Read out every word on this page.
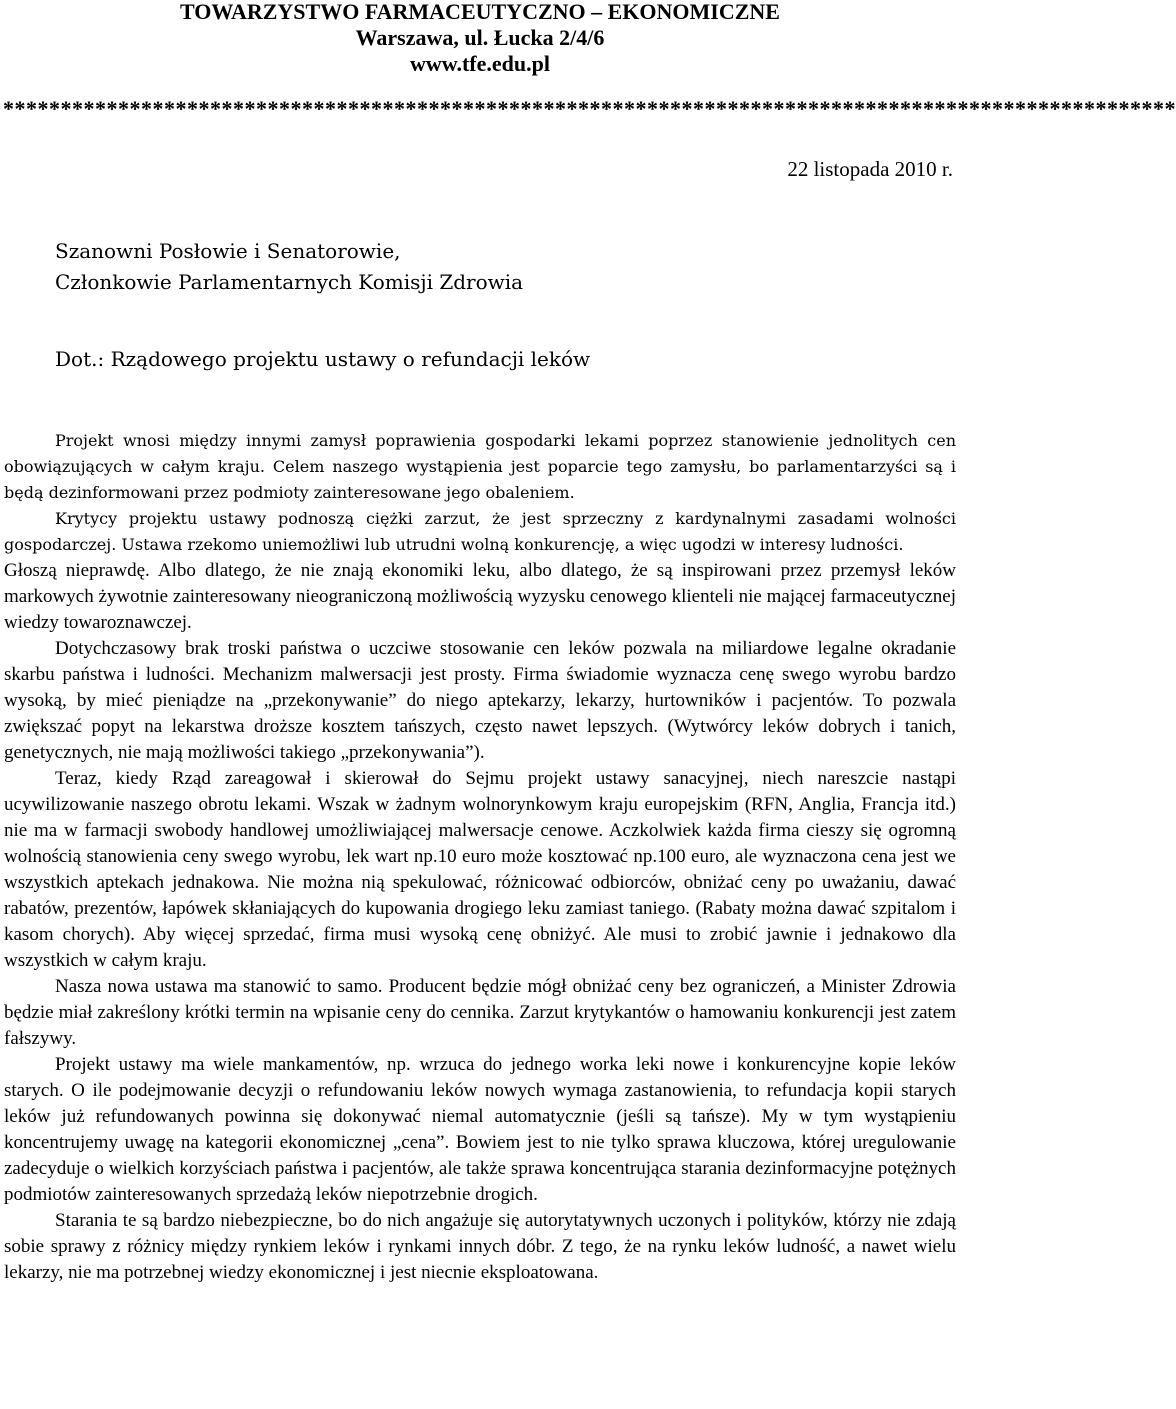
TOWARZYSTWO FARMACEUTYCZNO – EKONOMICZNE
Warszawa, ul. Łucka 2/4/6
www.tfe.edu.pl
******************************************************************************************************
22 listopada 2010 r.
Szanowni Posłowie i Senatorowie,
Członkowie Parlamentarnych Komisji Zdrowia
Dot.: Rządowego projektu ustawy o refundacji leków

Projekt wnosi między innymi zamysł poprawienia gospodarki lekami poprzez stanowienie jednolitych cen obowiązujących w całym kraju. Celem naszego wystąpienia jest poparcie tego zamysłu, bo parlamentarzyści są i będą dezinformowani przez podmioty zainteresowane jego obaleniem.

Krytycy projektu ustawy podnoszą ciężki zarzut, że jest sprzeczny z kardynalnymi zasadami wolności gospodarczej. Ustawa rzekomo uniemożliwi lub utrudni wolną konkurencję, a więc ugodzi w interesy ludności.

Głoszą nieprawdę. Albo dlatego, że nie znają ekonomiki leku, albo dlatego, że są inspirowani przez przemysł leków markowych żywotnie zainteresowany nieograniczoną możliwością wyzysku cenowego klienteli nie mającej farmaceutycznej wiedzy towaroznawczej.

Dotychczasowy brak troski państwa o uczciwe stosowanie cen leków pozwala na miliardowe legalne okradanie skarbu państwa i ludności. Mechanizm malwersacji jest prosty. Firma świadomie wyznacza cenę swego wyrobu bardzo wysoką, by mieć pieniądze na „przekonywanie” do niego aptekarzy, lekarzy, hurtowników i pacjentów. To pozwala zwiększać popyt na lekarstwa droższe kosztem tańszych, często nawet lepszych. (Wytwórcy leków dobrych i tanich, genetycznych, nie mają możliwości takiego „przekonywania”).

Teraz, kiedy Rząd zareagował i skierował do Sejmu projekt ustawy sanacyjnej, niech nareszcie nastąpi ucywilizowanie naszego obrotu lekami. Wszak w żadnym wolnorynkowym kraju europejskim (RFN, Anglia, Francja itd.) nie ma w farmacji swobody handlowej umożliwiającej malwersacje cenowe. Aczkolwiek każda firma cieszy się ogromną wolnością stanowienia ceny swego wyrobu, lek wart np.10 euro może kosztować np.100 euro, ale wyznaczona cena jest we wszystkich aptekach jednakowa. Nie można nią spekulować, różnicować odbiorców, obniżać ceny po uważaniu, dawać rabatów, prezentów, łapówek skłaniających do kupowania drogiego leku zamiast taniego. (Rabaty można dawać szpitalom i kasom chorych). Aby więcej sprzedać, firma musi wysoką cenę obniżyć. Ale musi to zrobić jawnie i jednakowo dla wszystkich w całym kraju.

Nasza nowa ustawa ma stanowić to samo. Producent będzie mógł obniżać ceny bez ograniczeń, a Minister Zdrowia będzie miał zakreślony krótki termin na wpisanie ceny do cennika. Zarzut krytykantów o hamowaniu konkurencji jest zatem fałszywy.

Projekt ustawy ma wiele mankamentów, np. wrzuca do jednego worka leki nowe i konkurencyjne kopie leków starych. O ile podejmowanie decyzji o refundowaniu leków nowych wymaga zastanowienia, to refundacja kopii starych leków już refundowanych powinna się dokonywać niemal automatycznie (jeśli są tańsze). My w tym wystąpieniu koncentrujemy uwagę na kategorii ekonomicznej „cena”. Bowiem jest to nie tylko sprawa kluczowa, której uregulowanie zadecyduje o wielkich korzyściach państwa i pacjentów, ale także sprawa koncentrująca starania dezinformacyjne potężnych podmiotów zainteresowanych sprzedażą leków niepotrzebnie drogich.

Starania te są bardzo niebezpieczne, bo do nich angażuje się autorytatywnych uczonych i polityków, którzy nie zdają sobie sprawy z różnicy między rynkiem leków i rynkami innych dóbr. Z tego, że na rynku leków ludność, a nawet wielu lekarzy, nie ma potrzebnej wiedzy ekonomicznej i jest niecnie eksploatowana.
